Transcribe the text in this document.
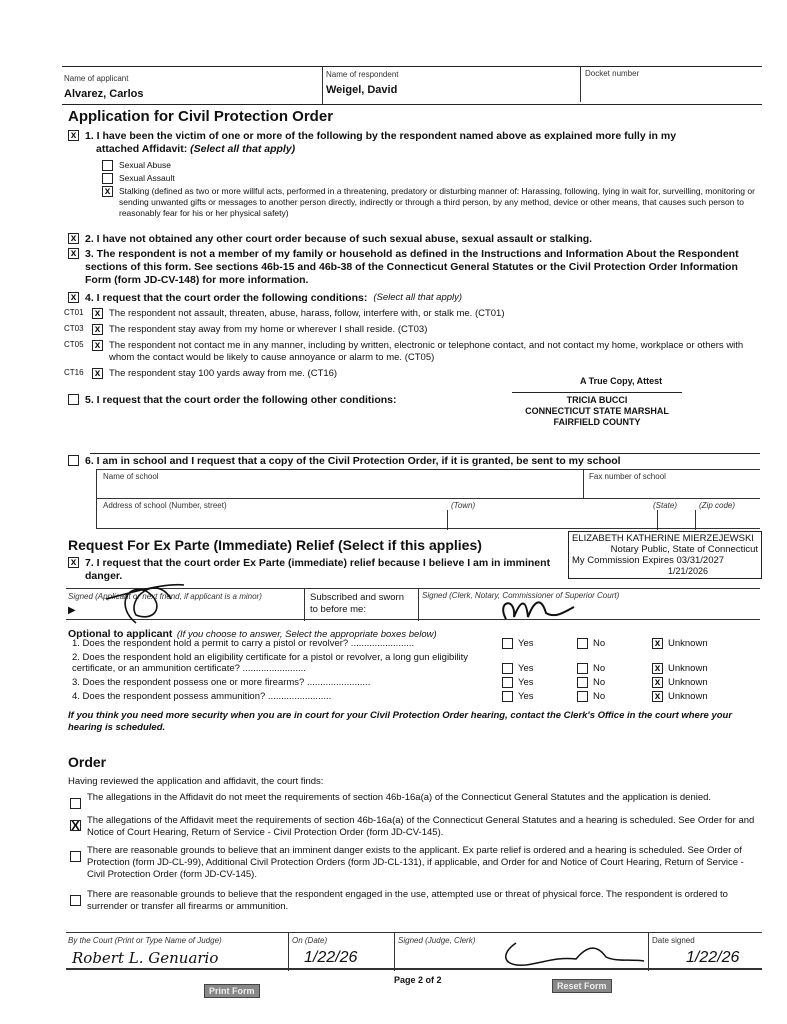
Name of applicant
Alvarez, Carlos
Name of respondent
Weigel, David
Docket number
Application for Civil Protection Order
x 1. I have been the victim of one or more of the following by the respondent named above as explained more fully in my
attached Affidavit: (Select all that apply)
Sexual Abuse
Sexual Assault
x	Stalking (defined as two or more willful acts, performed in a threatening, predatory or disturbing manner of: Harassing, following, lying in wait for, surveilling, monitoring or sending unwanted gifts or messages to another person directly, indirectly or through a third person, by any method, device or other means, that causes such person to reasonably fear for his or her physical safety)
x 2. I have not obtained any other court order because of such sexual abuse, sexual assault or stalking.
x 3. The respondent is not a member of my family or household as defined in the Instructions and Information About the Respondent sections of this form. See sections 46b-15 and 46b-38 of the Connecticut General Statutes or the Civil Protection Order Information Form (form JD-CV-148) for more information.
x 4. I request that the court order the following conditions: (Select all that apply)
CT01 x The respondent not assault, threaten, abuse, harass, follow, interfere with, or stalk me. (CT01)
CT03 x The respondent stay away from my home or wherever I shall reside. (CT03)
CT05 x The respondent not contact me in any manner, including by written, electronic or telephone contact, and not contact my home, workplace or others with whom the contact would be likely to cause annoyance or alarm to me. (CT05)
CT16 x The respondent stay 100 yards away from me. (CT16)
5. I request that the court order the following other conditions:
A True Copy, Attest
TRICIA BUCCI
CONNECTICUT STATE MARSHAL
FAIRFIELD COUNTY
6. I am in school and I request that a copy of the Civil Protection Order, if it is granted, be sent to my school
Name of school	Fax number of school
Address of school (Number, street)	(Town)	(State)	(Zip code)
Request For Ex Parte (Immediate) Relief (Select if this applies)
x 7. I request that the court order Ex Parte (immediate) relief because I believe I am in imminent danger.
Signed (Applicant or next friend, if applicant is a minor)
▶
Subscribed and sworn to before me:
Signed (Clerk, Notary, Commissioner of Superior Court)
ELIZABETH KATHERINE MIERZEJEWSKI
Notary Public, State of Connecticut
My Commission Expires 03/31/2027
1/21/2026
Optional to applicant (If you choose to answer, Select the appropriate boxes below)
1. Does the respondent hold a permit to carry a pistol or revolver? ........................	Yes	No	x Unknown
2. Does the respondent hold an eligibility certificate for a pistol or revolver, a long gun eligibility certificate, or an ammunition certificate? ........................	Yes	No	x Unknown
3. Does the respondent possess one or more firearms? ........................	Yes	No	x Unknown
4. Does the respondent possess ammunition? ........................	Yes	No	x Unknown
If you think you need more security when you are in court for your Civil Protection Order hearing, contact the Clerk's Office in the court where your hearing is scheduled.
Order
Having reviewed the application and affidavit, the court finds:
The allegations in the Affidavit do not meet the requirements of section 46b-16a(a) of the Connecticut General Statutes and the application is denied.
X The allegations of the Affidavit meet the requirements of section 46b-16a(a) of the Connecticut General Statutes and a hearing is scheduled. See Order for and Notice of Court Hearing, Return of Service - Civil Protection Order (form JD-CV-145).
There are reasonable grounds to believe that an imminent danger exists to the applicant. Ex parte relief is ordered and a hearing is scheduled. See Order of Protection (form JD-CL-99), Additional Civil Protection Orders (form JD-CL-131), if applicable, and Order for and Notice of Court Hearing, Return of Service - Civil Protection Order (form JD-CV-145).
There are reasonable grounds to believe that the respondent engaged in the use, attempted use or threat of physical force. The respondent is ordered to surrender or transfer all firearms or ammunition.
By the Court (Print or Type Name of Judge)
Robert L. Genuario
On (Date)
1/22/26
Signed (Judge, Clerk)	Date signed
1/22/26
Page 2 of 2
Print Form	Reset Form
